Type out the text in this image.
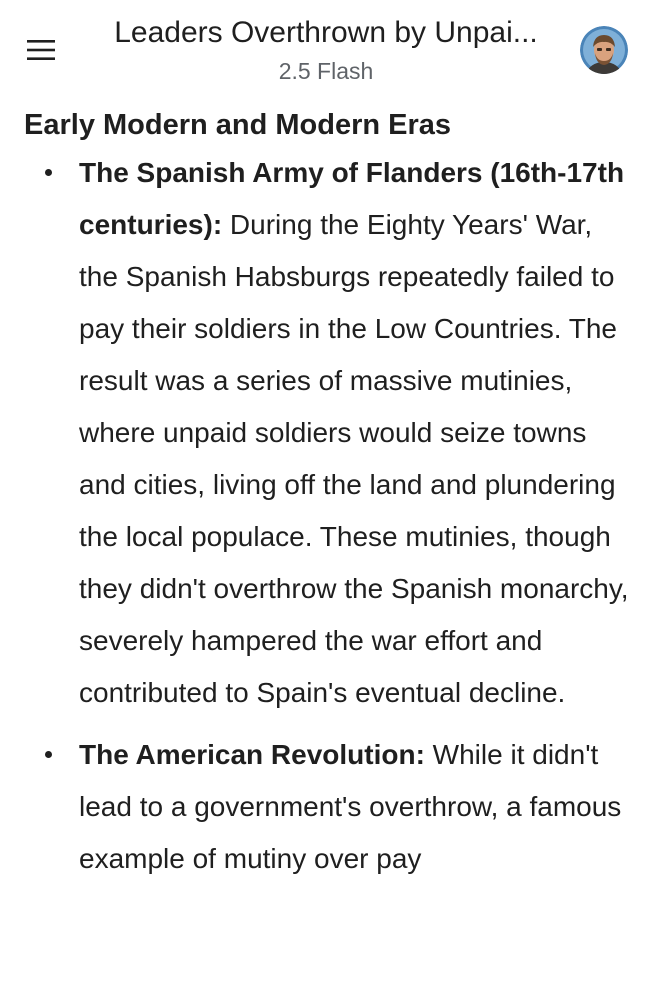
Leaders Overthrown by Unpai...
2.5 Flash
Early Modern and Modern Eras
The Spanish Army of Flanders (16th-17th centuries): During the Eighty Years' War, the Spanish Habsburgs repeatedly failed to pay their soldiers in the Low Countries. The result was a series of massive mutinies, where unpaid soldiers would seize towns and cities, living off the land and plundering the local populace. These mutinies, though they didn't overthrow the Spanish monarchy, severely hampered the war effort and contributed to Spain's eventual decline.
The American Revolution: While it didn't lead to a government's overthrow, a famous example of mutiny over pay
